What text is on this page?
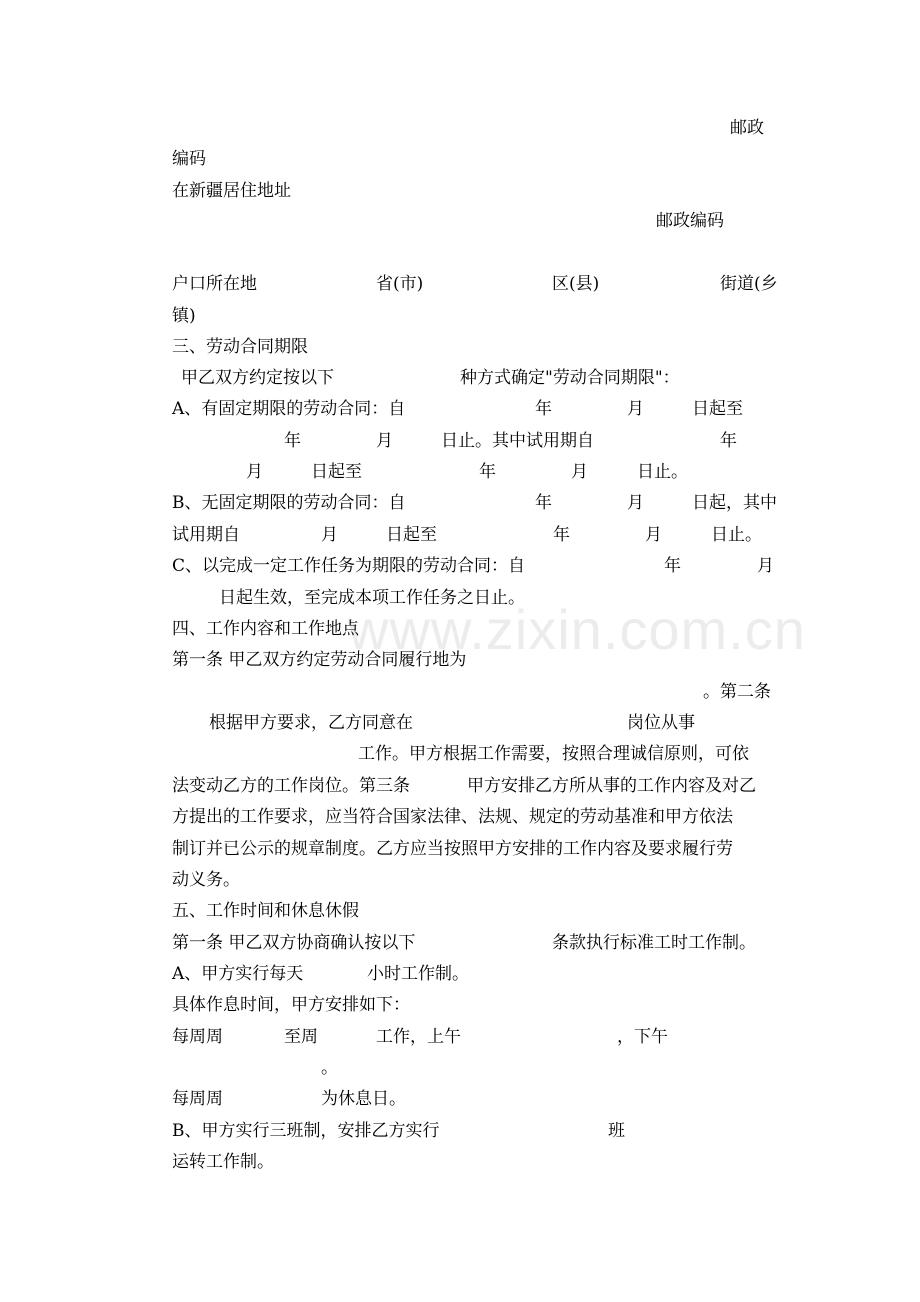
www.zixin.com.cn
邮政
编码
在新疆居住地址
邮政编码
户口所在地	省(市)	区(县)	街道(乡
镇)
三、劳动合同期限
甲乙双方约定按以下	种方式确定"劳动合同期限"：
A、有固定期限的劳动合同：自	年	月	日起至
年	月	日止。其中试用期自	年
月	日起至	年	月	日止。
B、无固定期限的劳动合同：自	年	月	日起，其中
试用期自	月	日起至	年	月	日止。
C、以完成一定工作任务为期限的劳动合同：自	年	月
日起生效，至完成本项工作任务之日止。
四、工作内容和工作地点
第一条 甲乙双方约定劳动合同履行地为
。第二条
根据甲方要求，乙方同意在	岗位从事
工作。甲方根据工作需要，按照合理诚信原则，可依
法变动乙方的工作岗位。第三条	甲方安排乙方所从事的工作内容及对乙
方提出的工作要求，应当符合国家法律、法规、规定的劳动基准和甲方依法
制订并已公示的规章制度。乙方应当按照甲方安排的工作内容及要求履行劳
动义务。
五、工作时间和休息休假
第一条 甲乙双方协商确认按以下	条款执行标准工时工作制。
A、甲方实行每天	小时工作制。
具体作息时间，甲方安排如下：
每周周	至周	工作，上午	，下午
。
每周周	为休息日。
B、甲方实行三班制，安排乙方实行	班
运转工作制。
